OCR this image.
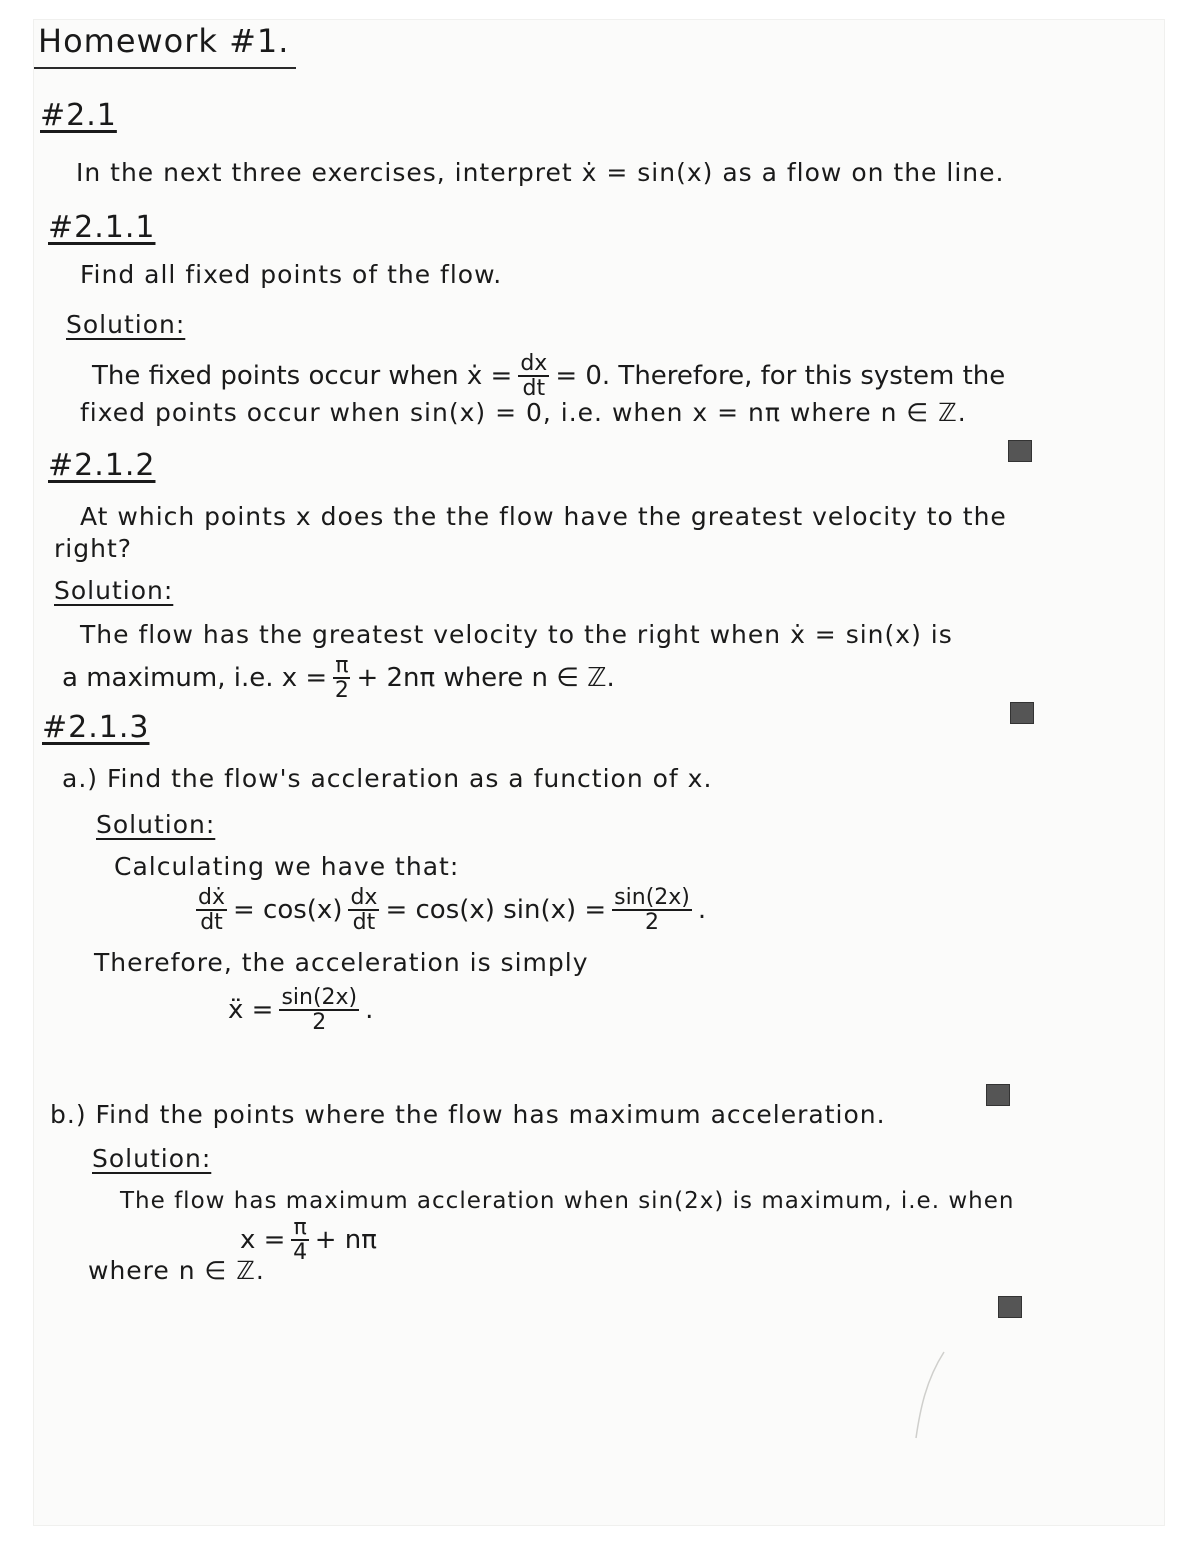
Homework #1.
#2.1
In the next three exercises, interpret ẋ = sin(x) as a flow on the line.
#2.1.1
Find all fixed points of the flow.
Solution:
The fixed points occur when ẋ = $\frac{dx}{dt} = 0$. Therefore, for this system the
fixed points occur when sin(x) = 0, i.e. when x = nπ where n ∈ ℤ.
#2.1.2
At which points x does the the flow have the greatest velocity to the
right?
Solution:
The flow has the greatest velocity to the right when ẋ = sin(x) is
a maximum, i.e. $x = \frac{\pi}{2} + 2n\pi$ where n ∈ ℤ.
#2.1.3
a.) Find the flow's accleration as a function of x.
Solution:
Calculating we have that:
$\frac{\text{dẋ}}{dt} = \cos(x) \frac{dx}{dt} = \cos(x) \sin(x) = \frac{\sin(2x)}{2}$ .
Therefore, the acceleration is simply
ẍ = $\frac{\sin(2x)}{2}$ .
b.) Find the points where the flow has maximum acceleration.
Solution:
The flow has maximum accleration when sin(2x) is maximum, i.e. when
$x = \frac{\pi}{4} + n\pi$
where n ∈ ℤ.
